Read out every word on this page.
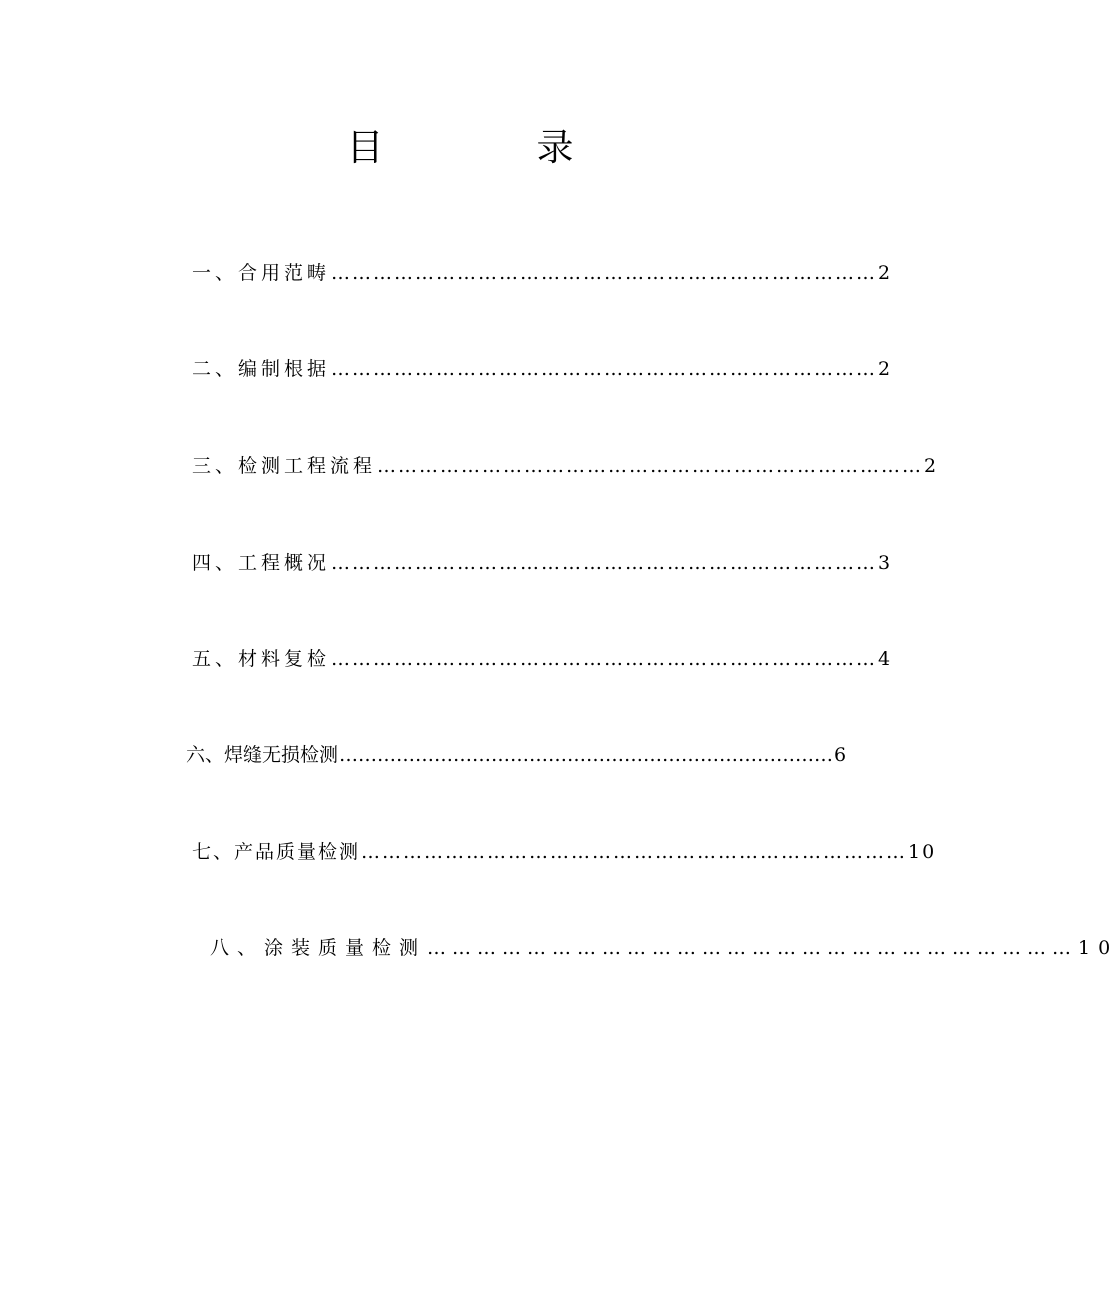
目　录
一、合用范畴 …………………………………………………………………… 2
二、编制根据 …………………………………………………………………… 2
三、检测工程流程 …………………………………………………………………… 2
四、工程概况 …………………………………………………………………… 3
五、材料复检 …………………………………………………………………… 4
六、焊缝无损检测 …………………………………………………………………… 6
七、产品质量检测 …………………………………………………………………… 10
八、涂装质量检测 …………………………………………………………………… 10
